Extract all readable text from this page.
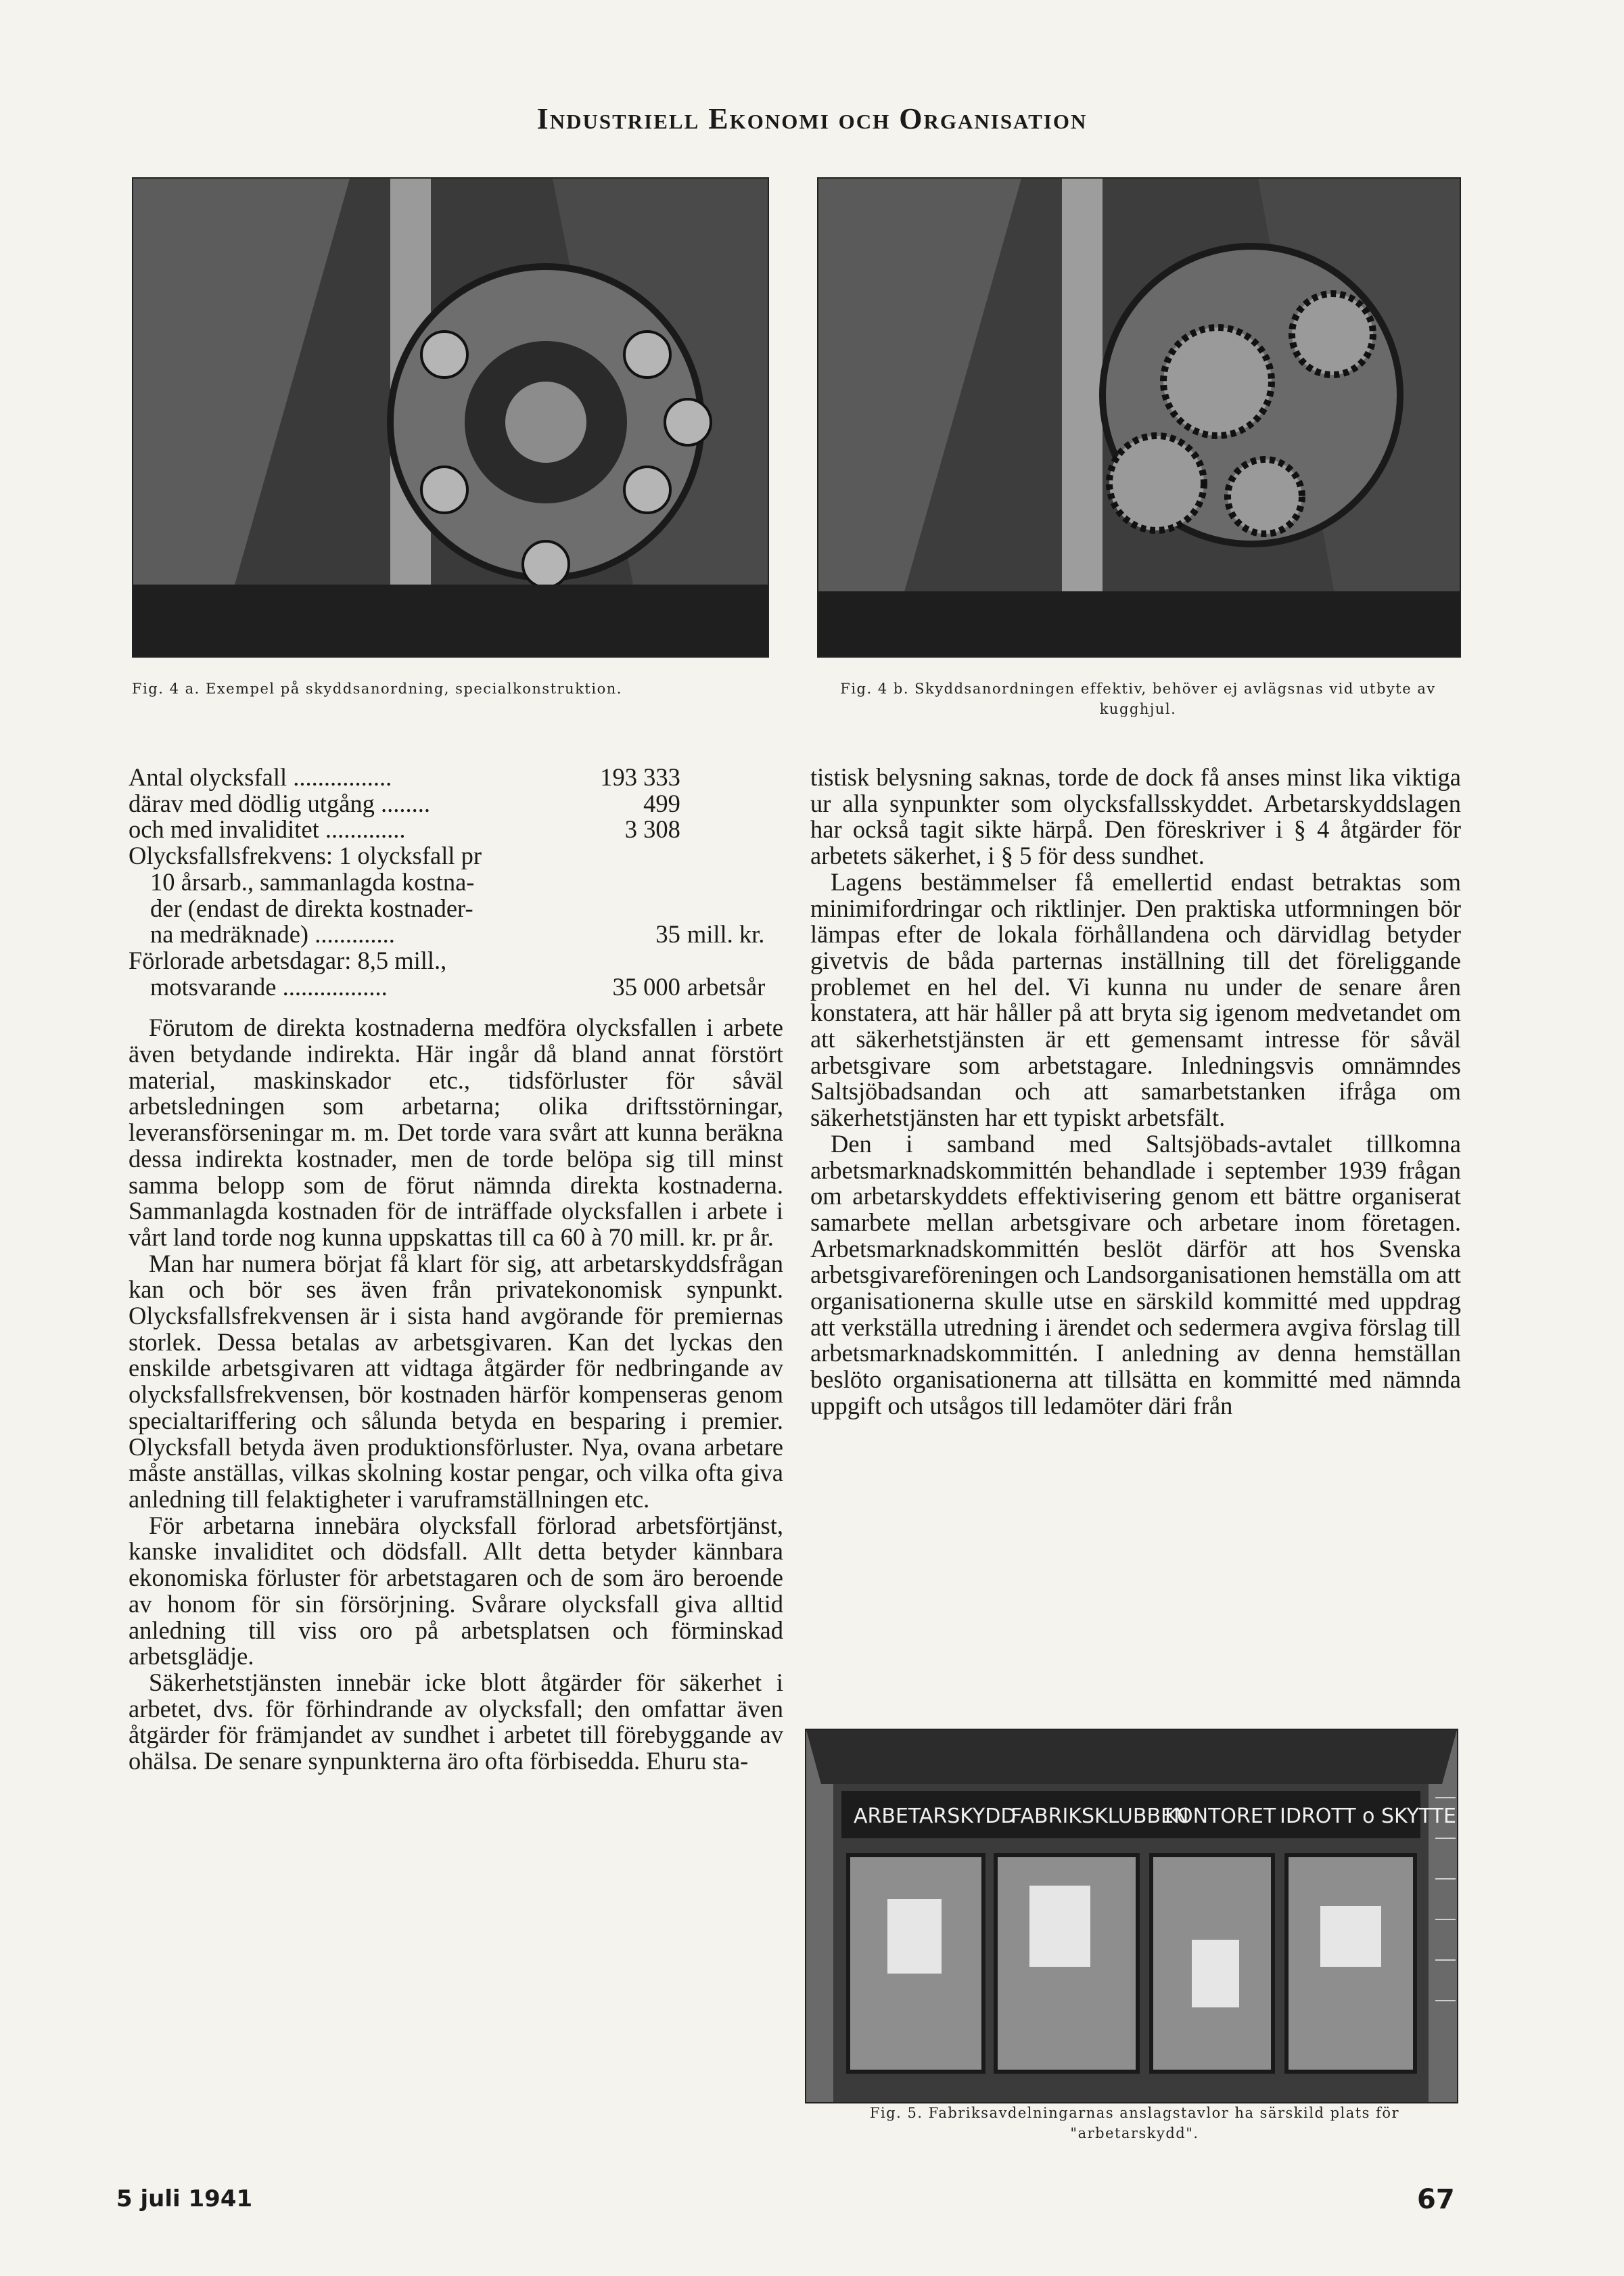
Industriell Ekonomi och Organisation
Fig. 4 a. Exempel på skyddsanordning, specialkonstruktion.	Fig. 4 b. Skyddsanordningen effektiv, behöver ej avlägsnas vid utbyte av kugghjul.
Antal olycksfall ................	193 333	
därav med dödlig utgång ........	499	
och med invaliditet .............	3 308	
Olycksfallsfrekvens: 1 olycksfall pr		
10 årsarb., sammanlagda kostna-		
der (endast de direkta kostnader-		
na medräknade) .............	35	mill. kr.
Förlorade arbetsdagar: 8,5 mill.,		
motsvarande .................	35 000	arbetsår

Förutom de direkta kostnaderna medföra olycksfallen i arbete även betydande indirekta. Här ingår då bland annat förstört material, maskinskador etc., tidsförluster för såväl arbetsledningen som arbetarna; olika driftsstörningar, leveransförseningar m. m. Det torde vara svårt att kunna beräkna dessa indirekta kostnader, men de torde belöpa sig till minst samma belopp som de förut nämnda direkta kostnaderna. Sammanlagda kostnaden för de inträffade olycksfallen i arbete i vårt land torde nog kunna uppskattas till ca 60 à 70 mill. kr. pr år.

Man har numera börjat få klart för sig, att arbetarskyddsfrågan kan och bör ses även från privatekonomisk synpunkt. Olycksfallsfrekvensen är i sista hand avgörande för premiernas storlek. Dessa betalas av arbetsgivaren. Kan det lyckas den enskilde arbetsgivaren att vidtaga åtgärder för nedbringande av olycksfallsfrekvensen, bör kostnaden härför kompenseras genom specialtariffering och sålunda betyda en besparing i premier. Olycksfall betyda även produktionsförluster. Nya, ovana arbetare måste anställas, vilkas skolning kostar pengar, och vilka ofta giva anledning till felaktigheter i varuframställningen etc.

För arbetarna innebära olycksfall förlorad arbetsförtjänst, kanske invaliditet och dödsfall. Allt detta betyder kännbara ekonomiska förluster för arbetstagaren och de som äro beroende av honom för sin försörjning. Svårare olycksfall giva alltid anledning till viss oro på arbetsplatsen och förminskad arbetsglädje.

Säkerhetstjänsten innebär icke blott åtgärder för säkerhet i arbetet, dvs. för förhindrande av olycksfall; den omfattar även åtgärder för främjandet av sundhet i arbetet till förebyggande av ohälsa. De senare synpunkterna äro ofta förbisedda. Ehuru sta-

tistisk belysning saknas, torde de dock få anses minst lika viktiga ur alla synpunkter som olycksfallsskyddet. Arbetarskyddslagen har också tagit sikte härpå. Den föreskriver i § 4 åtgärder för arbetets säkerhet, i § 5 för dess sundhet.

Lagens bestämmelser få emellertid endast betraktas som minimifordringar och riktlinjer. Den praktiska utformningen bör lämpas efter de lokala förhållandena och därvidlag betyder givetvis de båda parternas inställning till det föreliggande problemet en hel del. Vi kunna nu under de senare åren konstatera, att här håller på att bryta sig igenom medvetandet om att säkerhetstjänsten är ett gemensamt intresse för såväl arbetsgivare som arbetstagare. Inledningsvis omnämndes Saltsjöbadsandan och att samarbetstanken ifråga om säkerhetstjänsten har ett typiskt arbetsfält.

Den i samband med Saltsjöbads-avtalet tillkomna arbetsmarknadskommittén behandlade i september 1939 frågan om arbetarskyddets effektivisering genom ett bättre organiserat samarbete mellan arbetsgivare och arbetare inom företagen. Arbetsmarknadskommittén beslöt därför att hos Svenska arbetsgivareföreningen och Landsorganisationen hemställa om att organisationerna skulle utse en särskild kommitté med uppdrag att verkställa utredning i ärendet och sedermera avgiva förslag till arbetsmarknadskommittén. I anledning av denna hemställan beslöto organisationerna att tillsätta en kommitté med nämnda uppgift och utsågos till ledamöter däri från

ARBETARSKYDD
FABRIKSKLUBBEN
KONTORET IDROTT o SKYTTE
Fig. 5. Fabriksavdelningarnas anslagstavlor ha särskild plats för "arbetarskydd".
5 juli 1941	67
